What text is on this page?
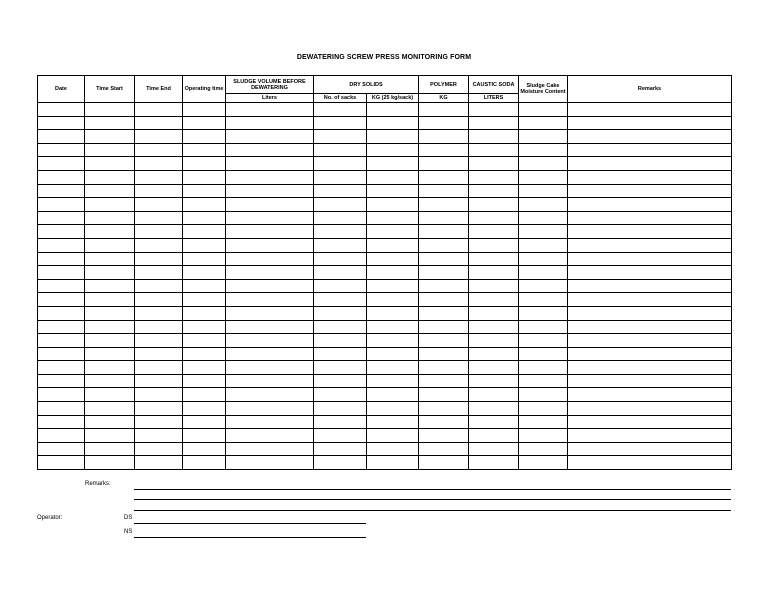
DEWATERING SCREW PRESS MONITORING FORM
Date	Time Start	Time End	Operating time	SLUDGE VOLUME BEFORE DEWATERING	DRY SOLIDS		POLYMER	CAUSTIC SODA	Sludge Cake Moisture Content	Remarks
				Liters	No. of sacks	KG (25 kg/sack)	KG	LITERS		

Remarks:
Operator:	DS
NS
